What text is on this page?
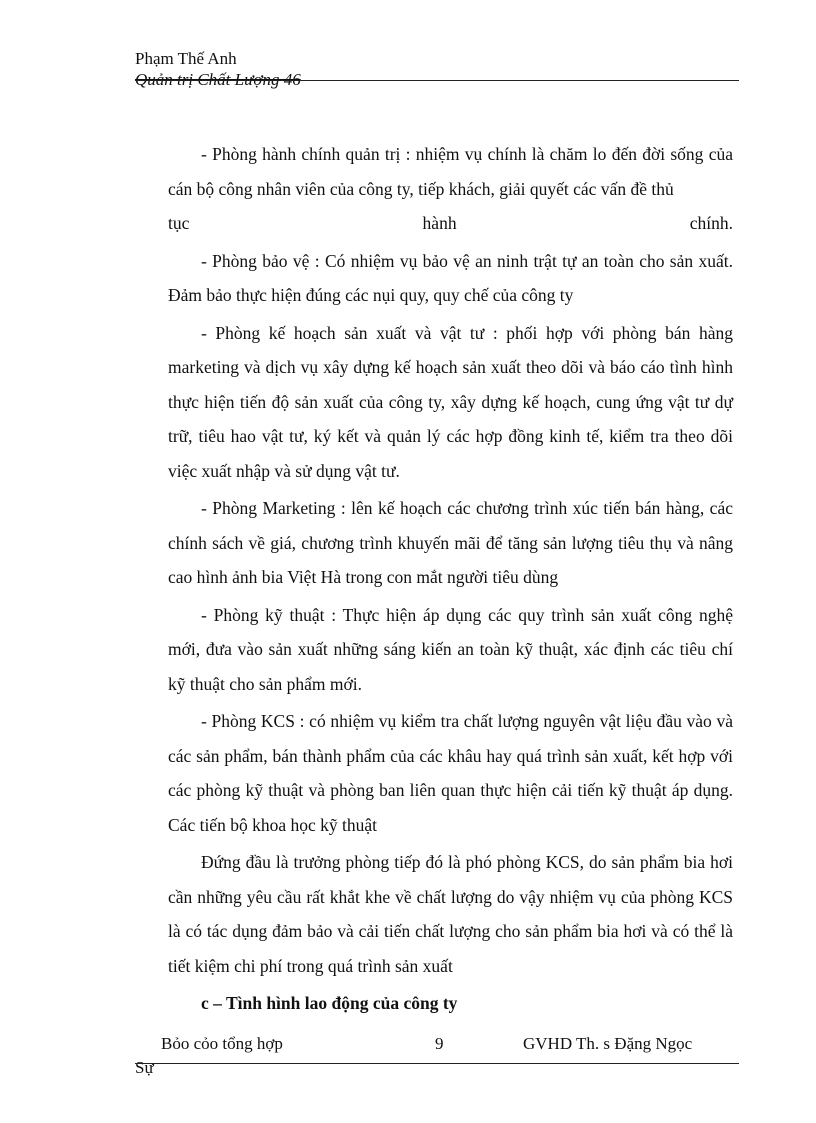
Phạm Thế Anh
Quản trị Chất Lượng 46

- Phòng hành chính quản trị : nhiệm vụ chính là chăm lo đến đời sống của cán bộ công nhân viên của công ty, tiếp khách, giải quyết các vấn đề thủ

tục hành chính.

- Phòng bảo vệ : Có nhiệm vụ bảo vệ an ninh trật tự an toàn cho sản xuất. Đảm bảo thực hiện đúng các nụi quy, quy chế của công ty

- Phòng kế hoạch sản xuất và vật tư : phối hợp với phòng bán hàng marketing và dịch vụ xây dựng kế hoạch sản xuất theo dõi và báo cáo tình hình thực hiện tiến độ sản xuất của công ty, xây dựng kế hoạch, cung ứng vật tư dự trữ, tiêu hao vật tư, ký kết và quản lý các hợp đồng kinh tế, kiểm tra theo dõi việc xuất nhập và sử dụng vật tư.

- Phòng Marketing : lên kế hoạch các chương trình xúc tiến bán hàng, các chính sách về giá, chương trình khuyến mãi để tăng sản lượng tiêu thụ và nâng cao hình ảnh bia Việt Hà trong con mắt người tiêu dùng

- Phòng kỹ thuật : Thực hiện áp dụng các quy trình sản xuất công nghệ mới, đưa vào sản xuất những sáng kiến an toàn kỹ thuật, xác định các tiêu chí kỹ thuật cho sản phẩm mới.

- Phòng KCS : có nhiệm vụ kiểm tra chất lượng nguyên vật liệu đầu vào và các sản phẩm, bán thành phẩm của các khâu hay quá trình sản xuất, kết hợp với các phòng kỹ thuật và phòng ban liên quan thực hiện cải tiến kỹ thuật áp dụng. Các tiến bộ khoa học kỹ thuật

Đứng đầu là trưởng phòng tiếp đó là phó phòng KCS, do sản phẩm bia hơi cần những yêu cầu rất khắt khe về chất lượng do vậy nhiệm vụ của phòng KCS là có tác dụng đảm bảo và cải tiến chất lượng cho sản phẩm bia hơi và có thể là tiết kiệm chi phí trong quá trình sản xuất

c – Tình hình lao động của công ty
Bỏo cỏo tổng hợp	9	GVHD Th. s Đặng Ngọc
Sự
